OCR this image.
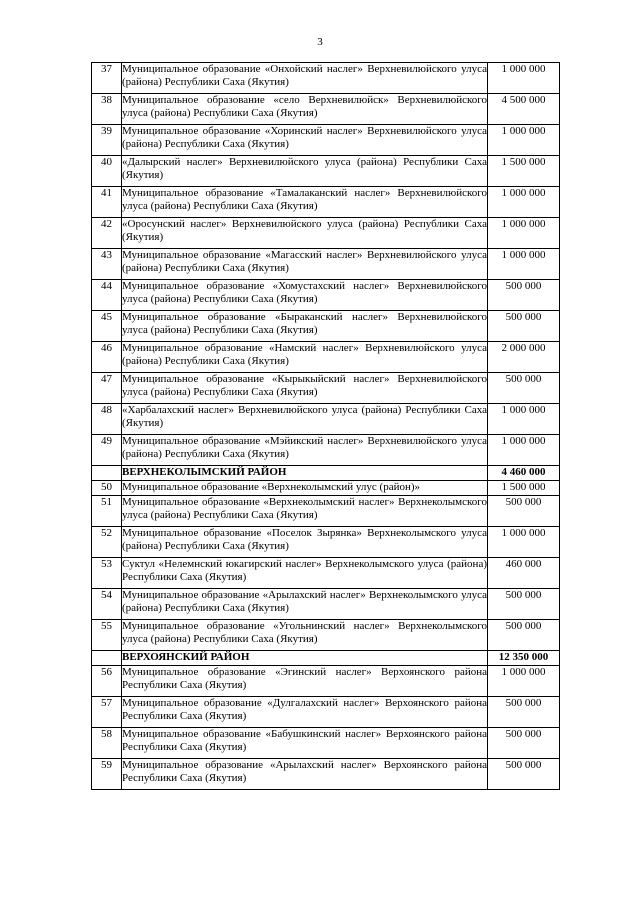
3
37	Муниципальное образование «Онхойский наслег» Верхневилюйского улуса (района) Республики Саха (Якутия)	1 000 000
38	Муниципальное образование «село Верхневилюйск» Верхневилюйского улуса (района) Республики Саха (Якутия)	4 500 000
39	Муниципальное образование «Хоринский наслег» Верхневилюйского улуса (района) Республики Саха (Якутия)	1 000 000
40	«Далырский наслег» Верхневилюйского улуса (района) Республики Саха (Якутия)	1 500 000
41	Муниципальное образование «Тамалаканский наслег» Верхневилюйского улуса (района) Республики Саха (Якутия)	1 000 000
42	«Оросунский наслег» Верхневилюйского улуса (района) Республики Саха (Якутия)	1 000 000
43	Муниципальное образование «Магасский наслег» Верхневилюйского улуса (района) Республики Саха (Якутия)	1 000 000
44	Муниципальное образование «Хомустахский наслег» Верхневилюйского улуса (района) Республики Саха (Якутия)	500 000
45	Муниципальное образование «Быраканский наслег» Верхневилюйского улуса (района) Республики Саха (Якутия)	500 000
46	Муниципальное образование «Намский наслег» Верхневилюйского улуса (района) Республики Саха (Якутия)	2 000 000
47	Муниципальное образование «Кырыкыйский наслег» Верхневилюйского улуса (района) Республики Саха (Якутия)	500 000
48	«Харбалахский наслег» Верхневилюйского улуса (района) Республики Саха (Якутия)	1 000 000
49	Муниципальное образование «Мэйикский наслег» Верхневилюйского улуса (района) Республики Саха (Якутия)	1 000 000
	ВЕРХНЕКОЛЫМСКИЙ РАЙОН	4 460 000
50	Муниципальное образование «Верхнеколымский улус (район)»	1 500 000
51	Муниципальное образование «Верхнеколымский наслег» Верхнеколымского улуса (района) Республики Саха (Якутия)	500 000
52	Муниципальное образование «Поселок Зырянка» Верхнеколымского улуса (района) Республики Саха (Якутия)	1 000 000
53	Суктул «Нелемнский юкагирский наслег» Верхнеколымского улуса (района) Республики Саха (Якутия)	460 000
54	Муниципальное образование «Арылахский наслег» Верхнеколымского улуса (района) Республики Саха (Якутия)	500 000
55	Муниципальное образование «Угольнинский наслег» Верхнеколымского улуса (района) Республики Саха (Якутия)	500 000
	ВЕРХОЯНСКИЙ РАЙОН	12 350 000
56	Муниципальное образование «Эгинский наслег» Верхоянского района Республики Саха (Якутия)	1 000 000
57	Муниципальное образование «Дулгалахский наслег» Верхоянского района Республики Саха (Якутия)	500 000
58	Муниципальное образование «Бабушкинский наслег» Верхоянского района Республики Саха (Якутия)	500 000
59	Муниципальное образование «Арылахский наслег» Верхоянского района Республики Саха (Якутия)	500 000
